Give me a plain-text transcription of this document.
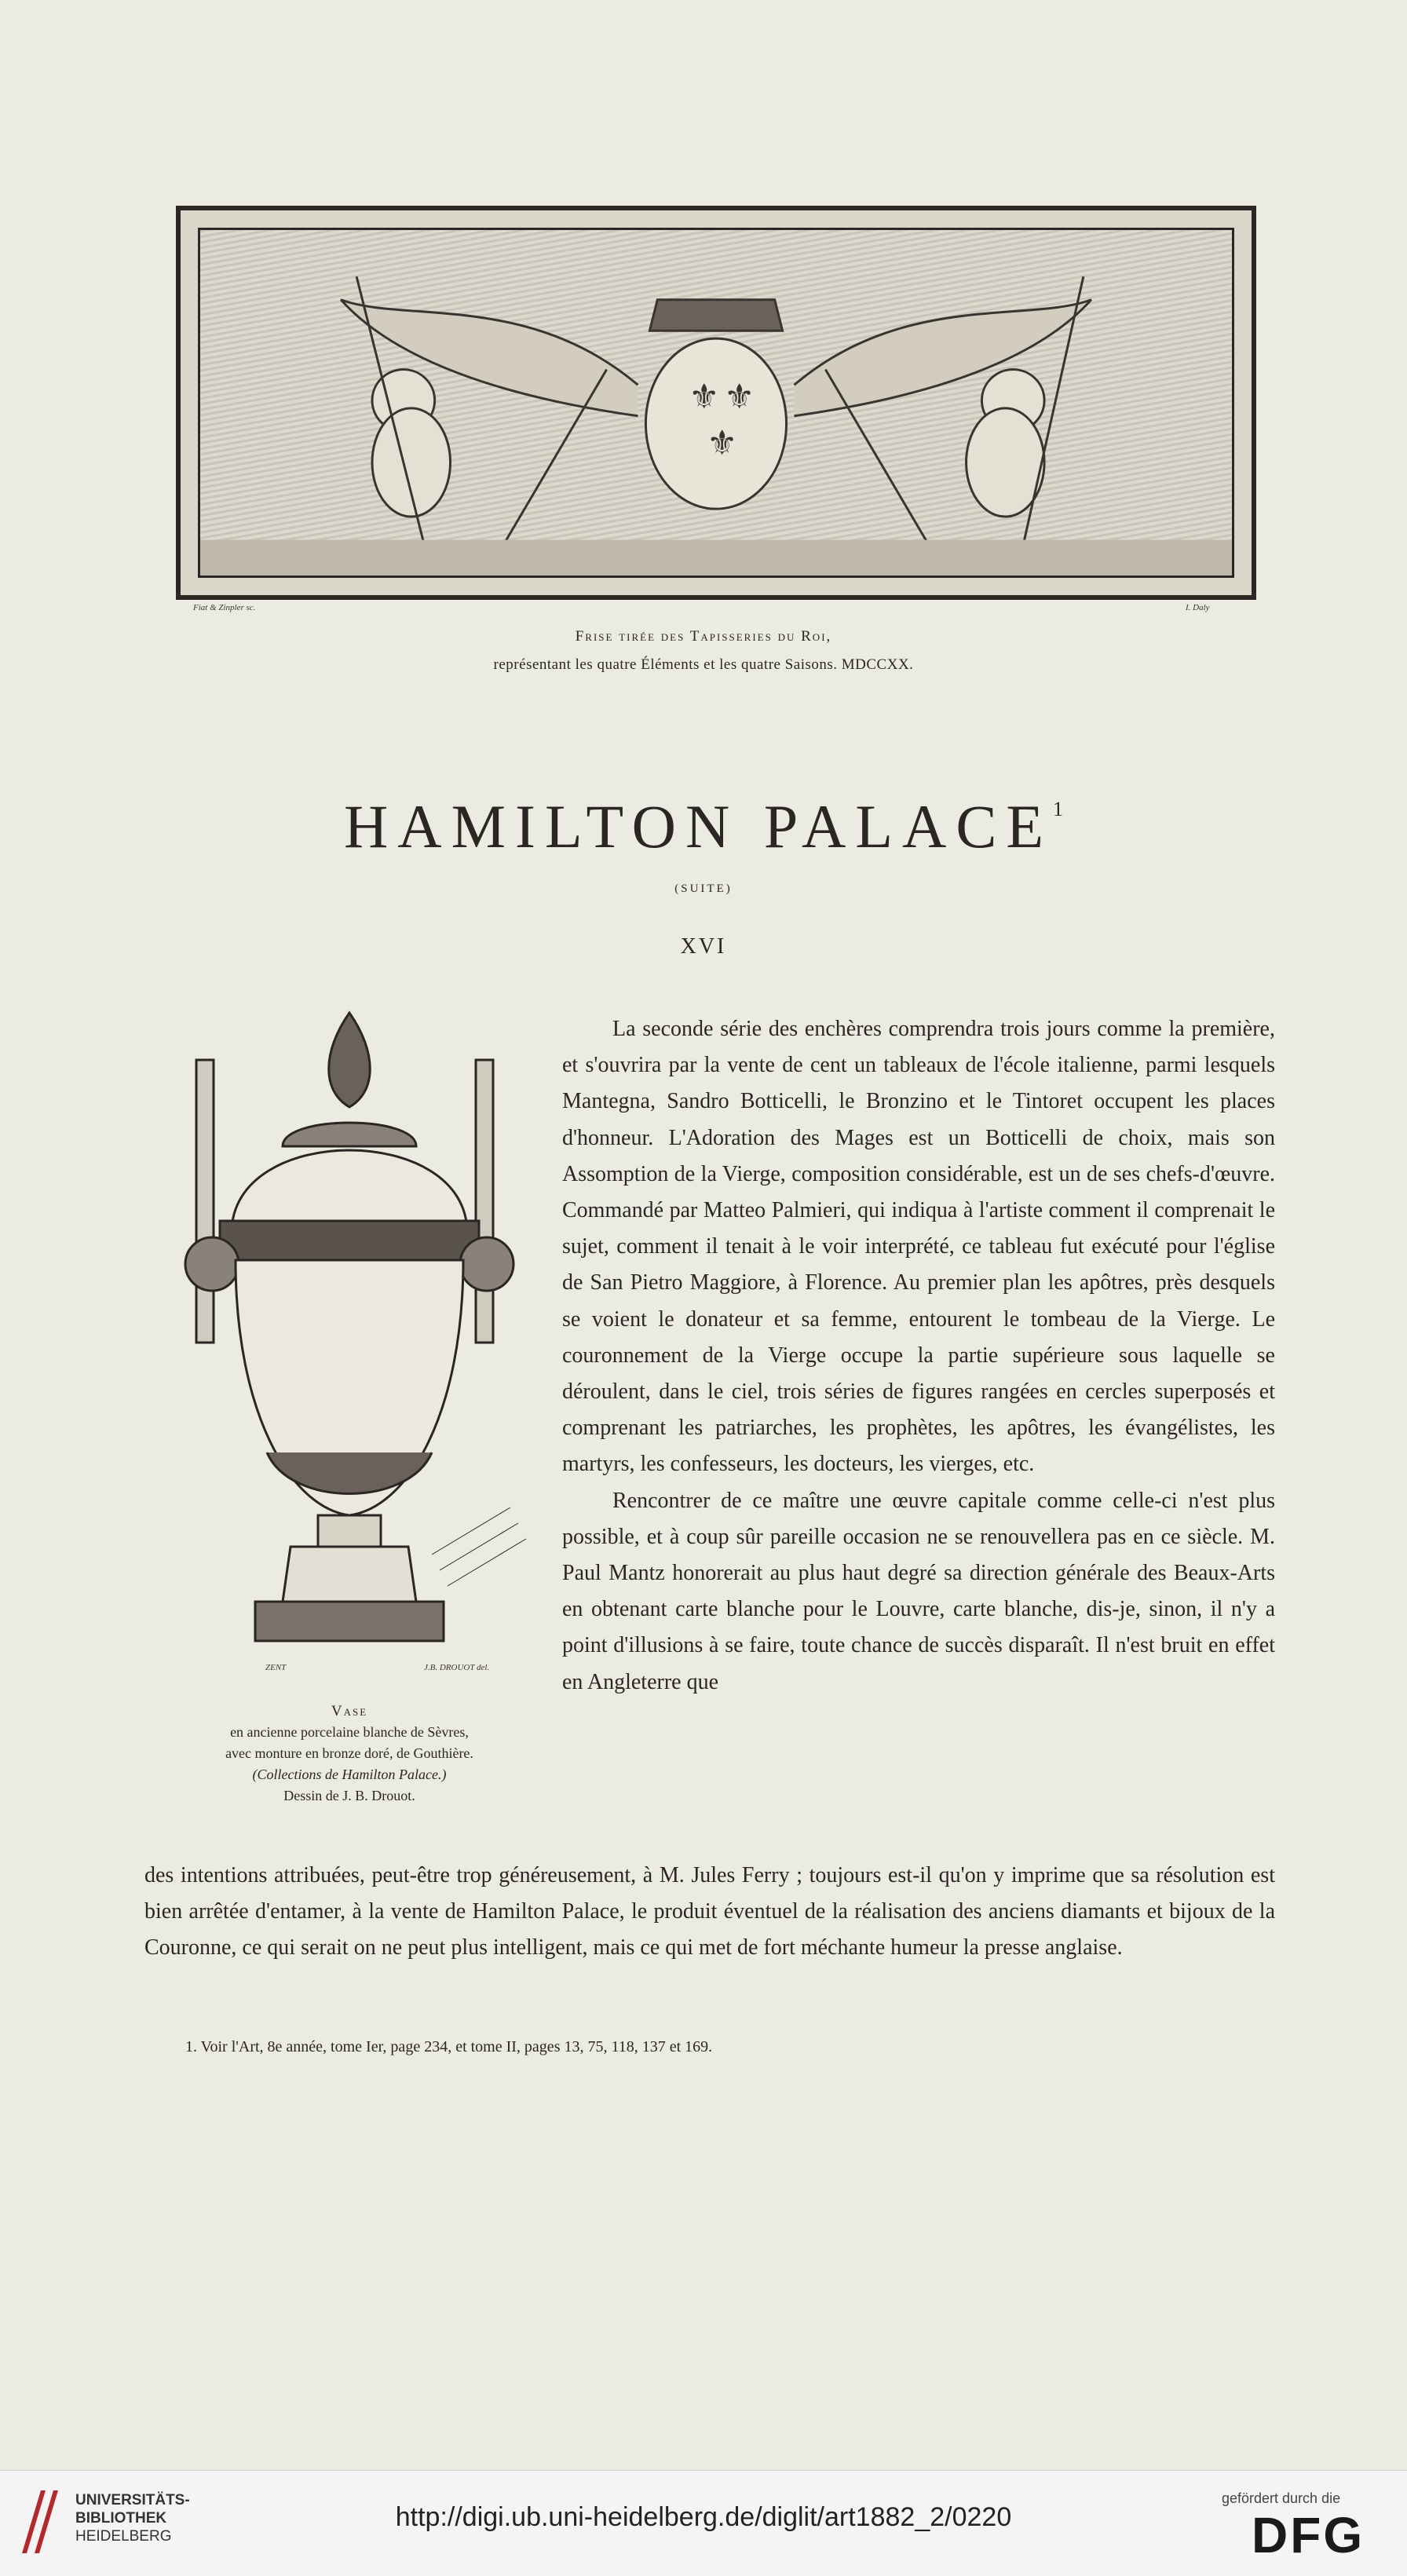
⚜ ⚜
⚜
Fiat & Zinpler sc.	I. Daly
Frise tirée des Tapisseries du Roi,
représentant les quatre Éléments et les quatre Saisons. MDCCXX.
HAMILTON PALACE$^1$
(SUITE)
XVI
ZENT	J.B. DROUOT del.
Vase
en ancienne porcelaine blanche de Sèvres,
avec monture en bronze doré, de Gouthière.
(Collections de Hamilton Palace.)
Dessin de J. B. Drouot.

La seconde série des enchères comprendra trois jours comme la première, et s'ouvrira par la vente de cent un tableaux de l'école italienne, parmi lesquels Mantegna, Sandro Botticelli, le Bronzino et le Tintoret occupent les places d'honneur. L'Adoration des Mages est un Botticelli de choix, mais son Assomption de la Vierge, composition considérable, est un de ses chefs-d'œuvre. Commandé par Matteo Palmieri, qui indiqua à l'artiste comment il comprenait le sujet, comment il tenait à le voir interprété, ce tableau fut exécuté pour l'église de San Pietro Maggiore, à Florence. Au premier plan les apôtres, près desquels se voient le donateur et sa femme, entourent le tombeau de la Vierge. Le couronnement de la Vierge occupe la partie supérieure sous laquelle se déroulent, dans le ciel, trois séries de figures rangées en cercles superposés et comprenant les patriarches, les prophètes, les apôtres, les évangélistes, les martyrs, les confesseurs, les docteurs, les vierges, etc.

Rencontrer de ce maître une œuvre capitale comme celle-ci n'est plus possible, et à coup sûr pareille occasion ne se renouvellera pas en ce siècle. M. Paul Mantz honorerait au plus haut degré sa direction générale des Beaux-Arts en obtenant carte blanche pour le Louvre, carte blanche, dis-je, sinon, il n'y a point d'illusions à se faire, toute chance de succès disparaît. Il n'est bruit en effet en Angleterre que

des intentions attribuées, peut-être trop généreusement, à M. Jules Ferry ; toujours est-il qu'on y imprime que sa résolution est bien arrêtée d'entamer, à la vente de Hamilton Palace, le produit éventuel de la réalisation des anciens diamants et bijoux de la Couronne, ce qui serait on ne peut plus intelligent, mais ce qui met de fort méchante humeur la presse anglaise.

1. Voir l'Art, 8e année, tome Ier, page 234, et tome II, pages 13, 75, 118, 137 et 169.
UNIVERSITÄTS-
BIBLIOTHEK
HEIDELBERG
http://digi.ub.uni-heidelberg.de/diglit/art1882_2/0220
gefördert durch die
DFG
